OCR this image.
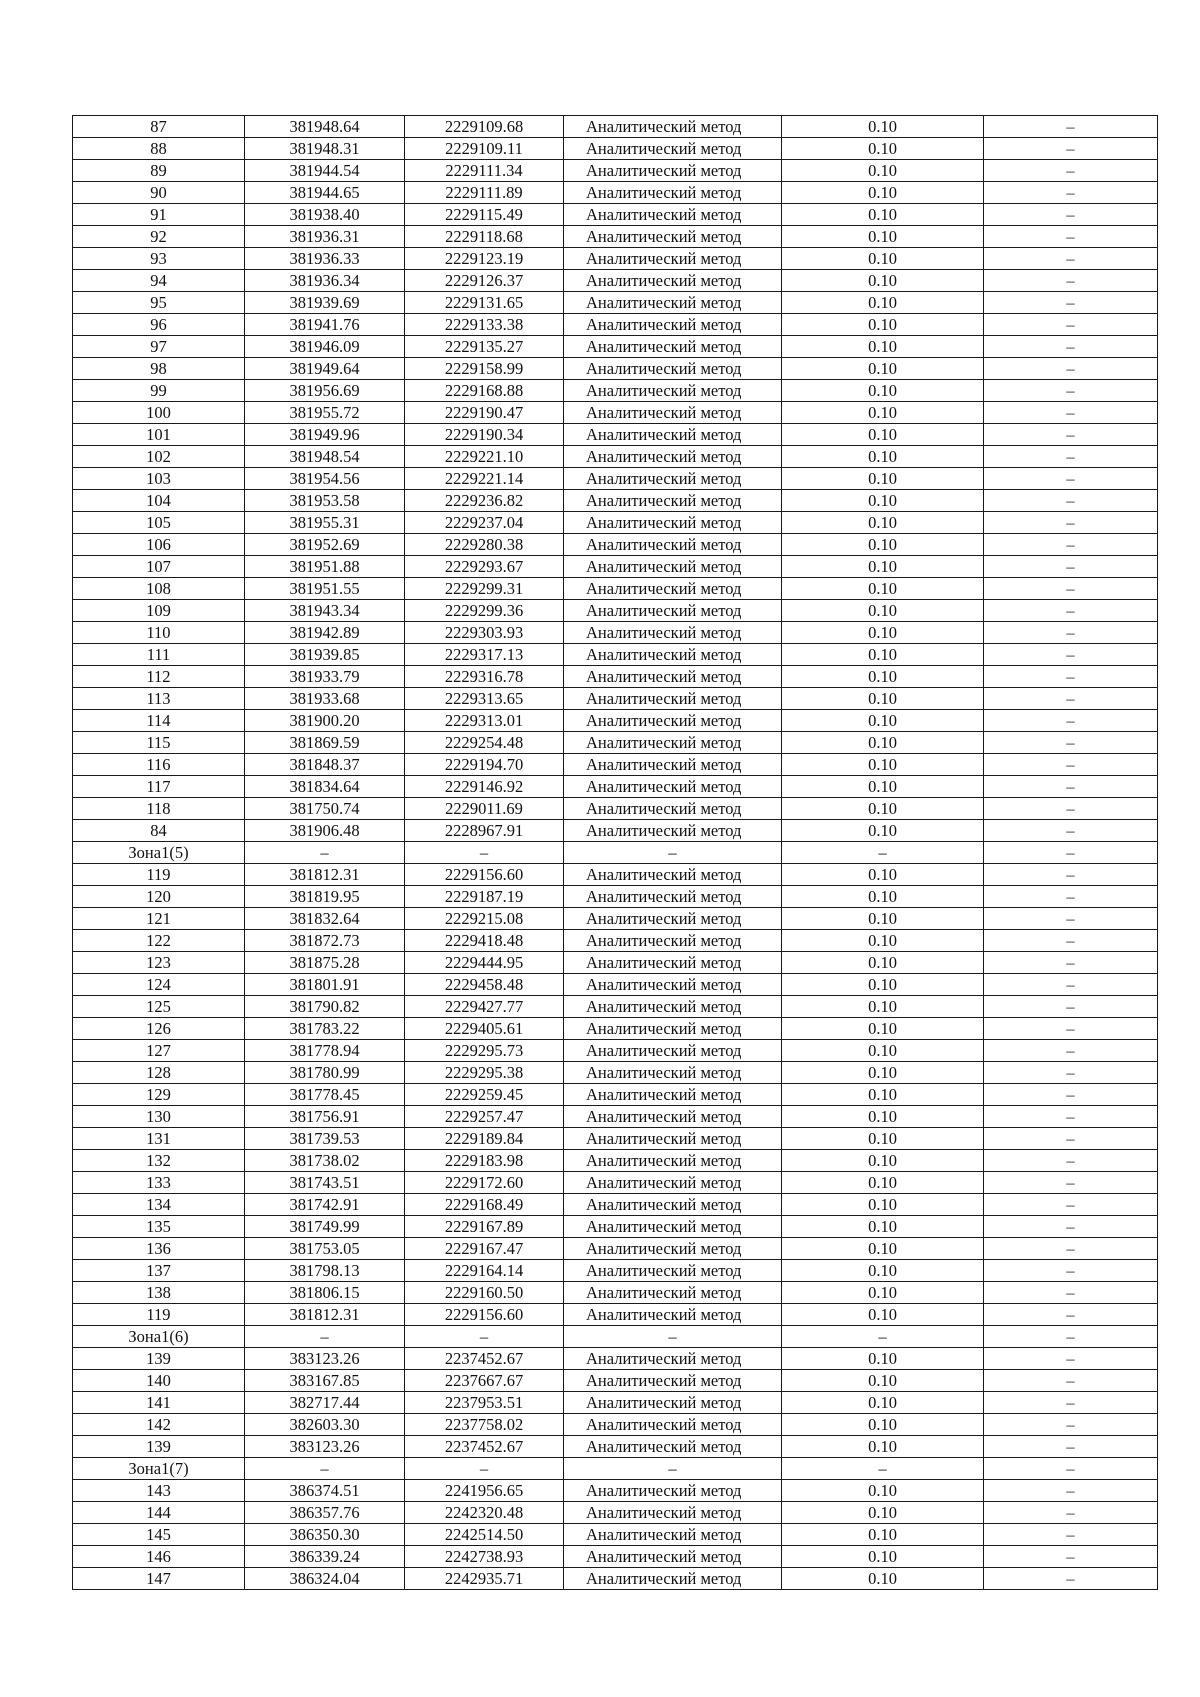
87	381948.64	2229109.68	Аналитический метод	0.10	–
88	381948.31	2229109.11	Аналитический метод	0.10	–
89	381944.54	2229111.34	Аналитический метод	0.10	–
90	381944.65	2229111.89	Аналитический метод	0.10	–
91	381938.40	2229115.49	Аналитический метод	0.10	–
92	381936.31	2229118.68	Аналитический метод	0.10	–
93	381936.33	2229123.19	Аналитический метод	0.10	–
94	381936.34	2229126.37	Аналитический метод	0.10	–
95	381939.69	2229131.65	Аналитический метод	0.10	–
96	381941.76	2229133.38	Аналитический метод	0.10	–
97	381946.09	2229135.27	Аналитический метод	0.10	–
98	381949.64	2229158.99	Аналитический метод	0.10	–
99	381956.69	2229168.88	Аналитический метод	0.10	–
100	381955.72	2229190.47	Аналитический метод	0.10	–
101	381949.96	2229190.34	Аналитический метод	0.10	–
102	381948.54	2229221.10	Аналитический метод	0.10	–
103	381954.56	2229221.14	Аналитический метод	0.10	–
104	381953.58	2229236.82	Аналитический метод	0.10	–
105	381955.31	2229237.04	Аналитический метод	0.10	–
106	381952.69	2229280.38	Аналитический метод	0.10	–
107	381951.88	2229293.67	Аналитический метод	0.10	–
108	381951.55	2229299.31	Аналитический метод	0.10	–
109	381943.34	2229299.36	Аналитический метод	0.10	–
110	381942.89	2229303.93	Аналитический метод	0.10	–
111	381939.85	2229317.13	Аналитический метод	0.10	–
112	381933.79	2229316.78	Аналитический метод	0.10	–
113	381933.68	2229313.65	Аналитический метод	0.10	–
114	381900.20	2229313.01	Аналитический метод	0.10	–
115	381869.59	2229254.48	Аналитический метод	0.10	–
116	381848.37	2229194.70	Аналитический метод	0.10	–
117	381834.64	2229146.92	Аналитический метод	0.10	–
118	381750.74	2229011.69	Аналитический метод	0.10	–
84	381906.48	2228967.91	Аналитический метод	0.10	–
Зона1(5)	–	–	–	–	–
119	381812.31	2229156.60	Аналитический метод	0.10	–
120	381819.95	2229187.19	Аналитический метод	0.10	–
121	381832.64	2229215.08	Аналитический метод	0.10	–
122	381872.73	2229418.48	Аналитический метод	0.10	–
123	381875.28	2229444.95	Аналитический метод	0.10	–
124	381801.91	2229458.48	Аналитический метод	0.10	–
125	381790.82	2229427.77	Аналитический метод	0.10	–
126	381783.22	2229405.61	Аналитический метод	0.10	–
127	381778.94	2229295.73	Аналитический метод	0.10	–
128	381780.99	2229295.38	Аналитический метод	0.10	–
129	381778.45	2229259.45	Аналитический метод	0.10	–
130	381756.91	2229257.47	Аналитический метод	0.10	–
131	381739.53	2229189.84	Аналитический метод	0.10	–
132	381738.02	2229183.98	Аналитический метод	0.10	–
133	381743.51	2229172.60	Аналитический метод	0.10	–
134	381742.91	2229168.49	Аналитический метод	0.10	–
135	381749.99	2229167.89	Аналитический метод	0.10	–
136	381753.05	2229167.47	Аналитический метод	0.10	–
137	381798.13	2229164.14	Аналитический метод	0.10	–
138	381806.15	2229160.50	Аналитический метод	0.10	–
119	381812.31	2229156.60	Аналитический метод	0.10	–
Зона1(6)	–	–	–	–	–
139	383123.26	2237452.67	Аналитический метод	0.10	–
140	383167.85	2237667.67	Аналитический метод	0.10	–
141	382717.44	2237953.51	Аналитический метод	0.10	–
142	382603.30	2237758.02	Аналитический метод	0.10	–
139	383123.26	2237452.67	Аналитический метод	0.10	–
Зона1(7)	–	–	–	–	–
143	386374.51	2241956.65	Аналитический метод	0.10	–
144	386357.76	2242320.48	Аналитический метод	0.10	–
145	386350.30	2242514.50	Аналитический метод	0.10	–
146	386339.24	2242738.93	Аналитический метод	0.10	–
147	386324.04	2242935.71	Аналитический метод	0.10	–
